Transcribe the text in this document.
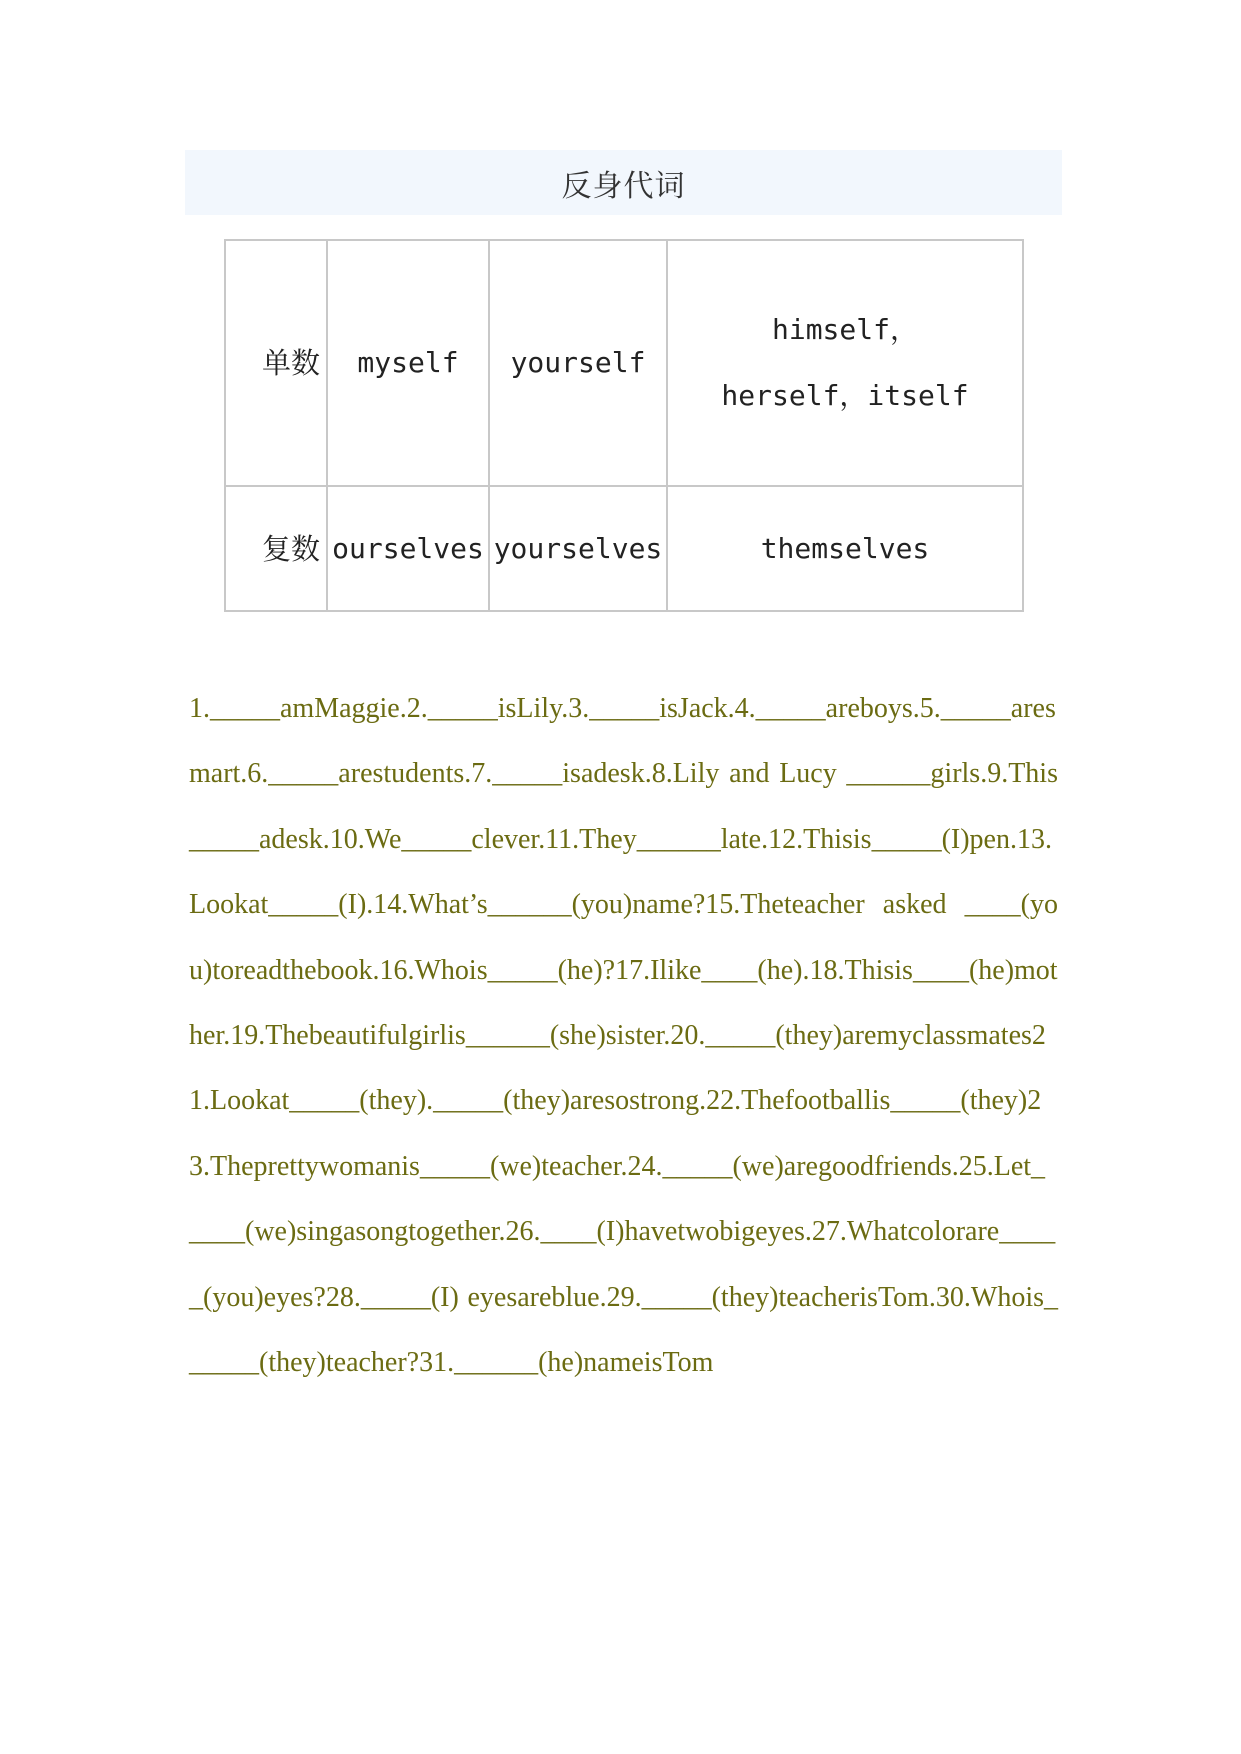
反身代词
单数	myself	yourself	himself，herself，itself

复数	ourselves	yourselves	themselves
1._____amMaggie.2._____isLily.3._____isJack.4._____areboys.5._____aresmart.6._____arestudents.7._____isadesk.8.Lily and Lucy ______girls.9.This_____adesk.10.We_____clever.11.They______late.12.Thisis_____(I)pen.13.Lookat_____(I).14.What’s______(you)name?15.Theteacher asked ____(you)toreadthebook.16.Whois_____(he)?17.Ilike____(he).18.Thisis____(he)mother.19.Thebeautifulgirlis______(she)sister.20._____(they)aremyclassmates21.Lookat_____(they)._____(they)aresostrong.22.Thefootballis_____(they)23.Theprettywomanis_____(we)teacher.24._____(we)aregoodfriends.25.Let_____(we)singasongtogether.26.____(I)havetwobigeyes.27.Whatcolorare_____(you)eyes?28._____(I) eyesareblue.29._____(they)teacherisTom.30.Whois______(they)teacher?31.______(he)nameisTom
